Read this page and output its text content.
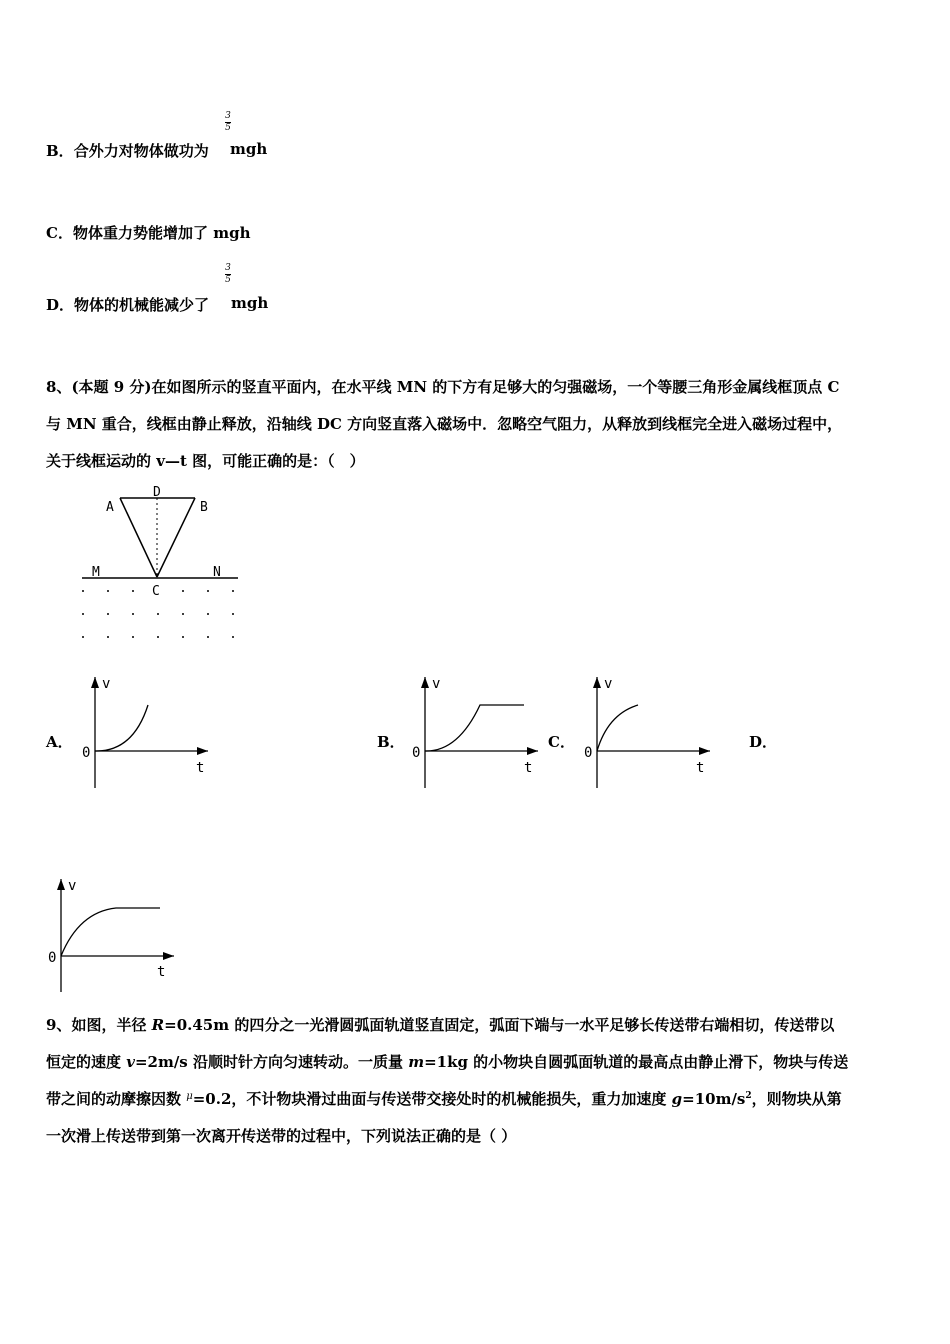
B．合外力对物体做功为
3
5
mgh
C．物体重力势能增加了 mgh
D．物体的机械能减少了
3
5
mgh
8、(本题 9 分)在如图所示的竖直平面内，在水平线 MN 的下方有足够大的匀强磁场，一个等腰三角形金属线框顶点 C
与 MN 重合，线框由静止释放，沿轴线 DC 方向竖直落入磁场中．忽略空气阻力，从释放到线框完全进入磁场过程中，
关于线框运动的 v—t 图，可能正确的是：（　）
D
A	B
M	N
C
A．	B．	C．	D．
v
0
t
v
0
t
v
0
t
v
0
t
9、如图，半径 R=0.45m 的四分之一光滑圆弧面轨道竖直固定，弧面下端与一水平足够长传送带右端相切，传送带以
恒定的速度 v=2m/s 沿顺时针方向匀速转动。一质量 m=1kg 的小物块自圆弧面轨道的最高点由静止滑下，物块与传送
带之间的动摩擦因数 $^\mu$=0.2，不计物块滑过曲面与传送带交接处时的机械能损失，重力加速度 $g=10m/s^2$，则物块从第
一次滑上传送带到第一次离开传送带的过程中，下列说法正确的是（ ）
